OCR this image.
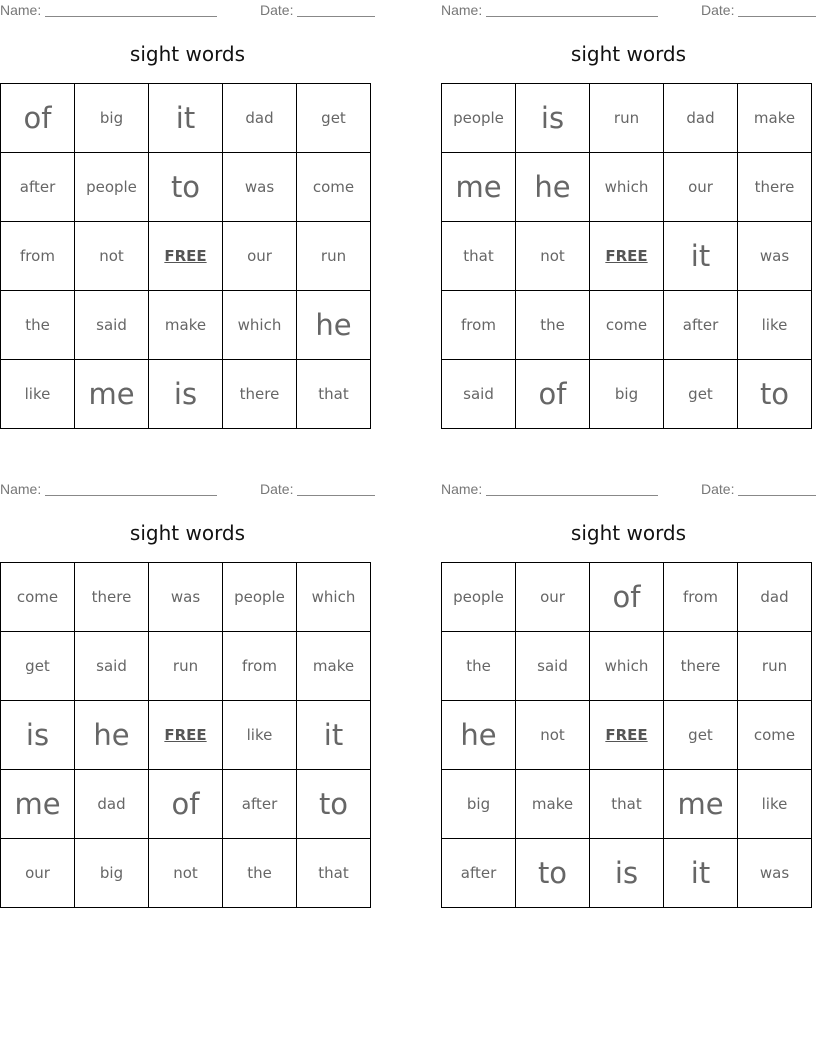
Name:	Date:
sight words
of	big	it	dad	get
after	people	to	was	come
from	not	FREE	our	run
the	said	make	which	he
like	me	is	there	that
Name:	Date:
sight words
people	is	run	dad	make
me	he	which	our	there
that	not	FREE	it	was
from	the	come	after	like
said	of	big	get	to
Name:	Date:
sight words
come	there	was	people	which
get	said	run	from	make
is	he	FREE	like	it
me	dad	of	after	to
our	big	not	the	that
Name:	Date:
sight words
people	our	of	from	dad
the	said	which	there	run
he	not	FREE	get	come
big	make	that	me	like
after	to	is	it	was
